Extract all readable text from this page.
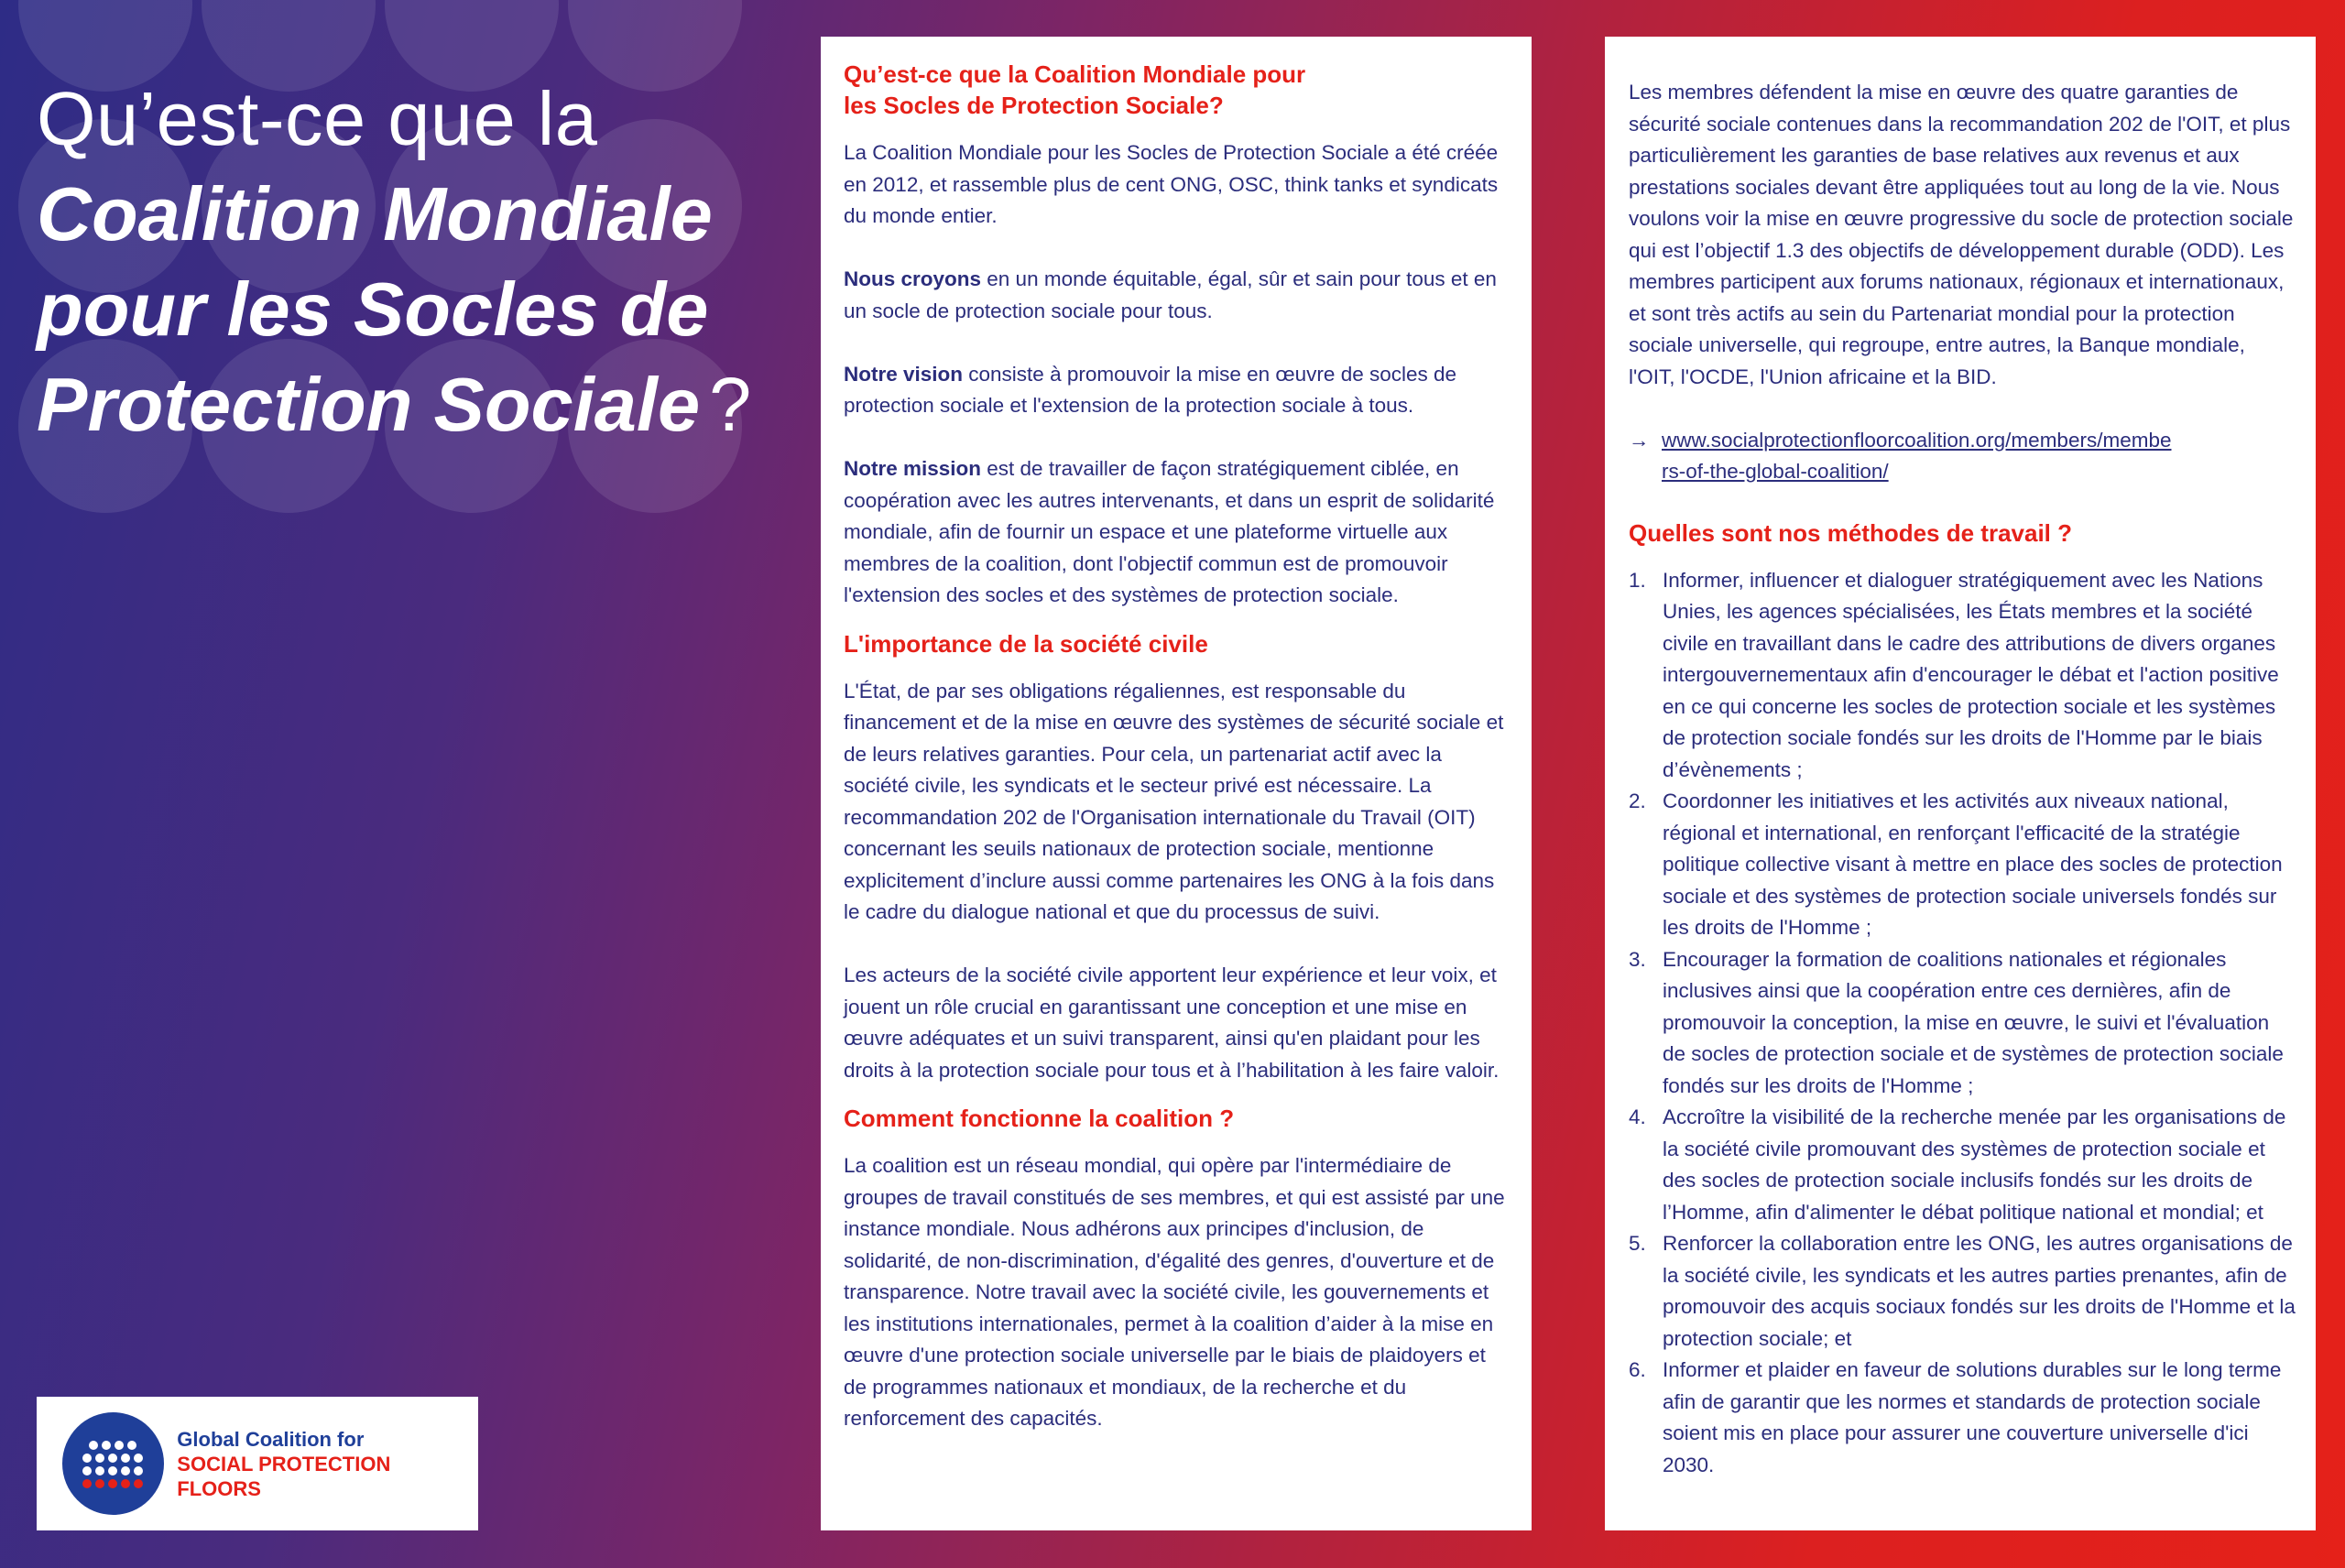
Qu’est-ce que la
Coalition Mondiale
pour les Socles de
Protection Sociale ?
Global Coalition for
SOCIAL PROTECTION FLOORS
Qu’est-ce que la Coalition Mondiale pour les Socles de Protection Sociale?

La Coalition Mondiale pour les Socles de Protection Sociale a été créée en 2012, et rassemble plus de cent ONG, OSC, think tanks et syndicats du monde entier.

Nous croyons en un monde équitable, égal, sûr et sain pour tous et en un socle de protection sociale pour tous.

Notre vision consiste à promouvoir la mise en œuvre de socles de protection sociale et l'extension de la protection sociale à tous.

Notre mission est de travailler de façon stratégiquement ciblée, en coopération avec les autres intervenants, et dans un esprit de solidarité mondiale, afin de fournir un espace et une plateforme virtuelle aux membres de la coalition, dont l'objectif commun est de promouvoir l'extension des socles et des systèmes de protection sociale.

L'importance de la société civile

L'État, de par ses obligations régaliennes, est responsable du financement et de la mise en œuvre des systèmes de sécurité sociale et de leurs relatives garanties. Pour cela, un partenariat actif avec la société civile, les syndicats et le secteur privé est nécessaire. La recommandation 202 de l'Organisation internationale du Travail (OIT) concernant les seuils nationaux de protection sociale, mentionne explicitement d’inclure aussi comme partenaires les ONG à la fois dans le cadre du dialogue national et que du processus de suivi.

Les acteurs de la société civile apportent leur expérience et leur voix, et jouent un rôle crucial en garantissant une conception et une mise en œuvre adéquates et un suivi transparent, ainsi qu'en plaidant pour les droits à la protection sociale pour tous et à l’habilitation à les faire valoir.

Comment fonctionne la coalition ?

La coalition est un réseau mondial, qui opère par l'intermédiaire de groupes de travail constitués de ses membres, et qui est assisté par une instance mondiale. Nous adhérons aux principes d'inclusion, de solidarité, de non-discrimination, d'égalité des genres, d'ouverture et de transparence. Notre travail avec la société civile, les gouvernements et les institutions internationales, permet à la coalition d’aider à la mise en œuvre d'une protection sociale universelle par le biais de plaidoyers et de programmes nationaux et mondiaux, de la recherche et du renforcement des capacités.

Les membres défendent la mise en œuvre des quatre garanties de sécurité sociale contenues dans la recommandation 202 de l'OIT, et plus particulièrement les garanties de base relatives aux revenus et aux prestations sociales devant être appliquées tout au long de la vie. Nous voulons voir la mise en œuvre progressive du socle de protection sociale qui est l’objectif 1.3 des objectifs de développement durable (ODD). Les membres participent aux forums nationaux, régionaux et internationaux, et sont très actifs au sein du Partenariat mondial pour la protection sociale universelle, qui regroupe, entre autres, la Banque mondiale, l'OIT, l'OCDE, l'Union africaine et la BID.

→ www.socialprotectionfloorcoalition.org/members/members-of-the-global-coalition/
Quelles sont nos méthodes de travail ?
1. Informer, influencer et dialoguer stratégiquement avec les Nations Unies, les agences spécialisées, les États membres et la société civile en travaillant dans le cadre des attributions de divers organes intergouvernementaux afin d'encourager le débat et l'action positive en ce qui concerne les socles de protection sociale et les systèmes de protection sociale fondés sur les droits de l'Homme par le biais d’évènements ;
2. Coordonner les initiatives et les activités aux niveaux national, régional et international, en renforçant l'efficacité de la stratégie politique collective visant à mettre en place des socles de protection sociale et des systèmes de protection sociale universels fondés sur les droits de l'Homme ;
3. Encourager la formation de coalitions nationales et régionales inclusives ainsi que la coopération entre ces dernières, afin de promouvoir la conception, la mise en œuvre, le suivi et l'évaluation de socles de protection sociale et de systèmes de protection sociale fondés sur les droits de l'Homme ;
4. Accroître la visibilité de la recherche menée par les organisations de la société civile promouvant des systèmes de protection sociale et des socles de protection sociale inclusifs fondés sur les droits de l’Homme, afin d'alimenter le débat politique national et mondial; et
5. Renforcer la collaboration entre les ONG, les autres organisations de la société civile, les syndicats et les autres parties prenantes, afin de promouvoir des acquis sociaux fondés sur les droits de l'Homme et la protection sociale; et
6. Informer et plaider en faveur de solutions durables sur le long terme afin de garantir que les normes et standards de protection sociale soient mis en place pour assurer une couverture universelle d'ici 2030.
